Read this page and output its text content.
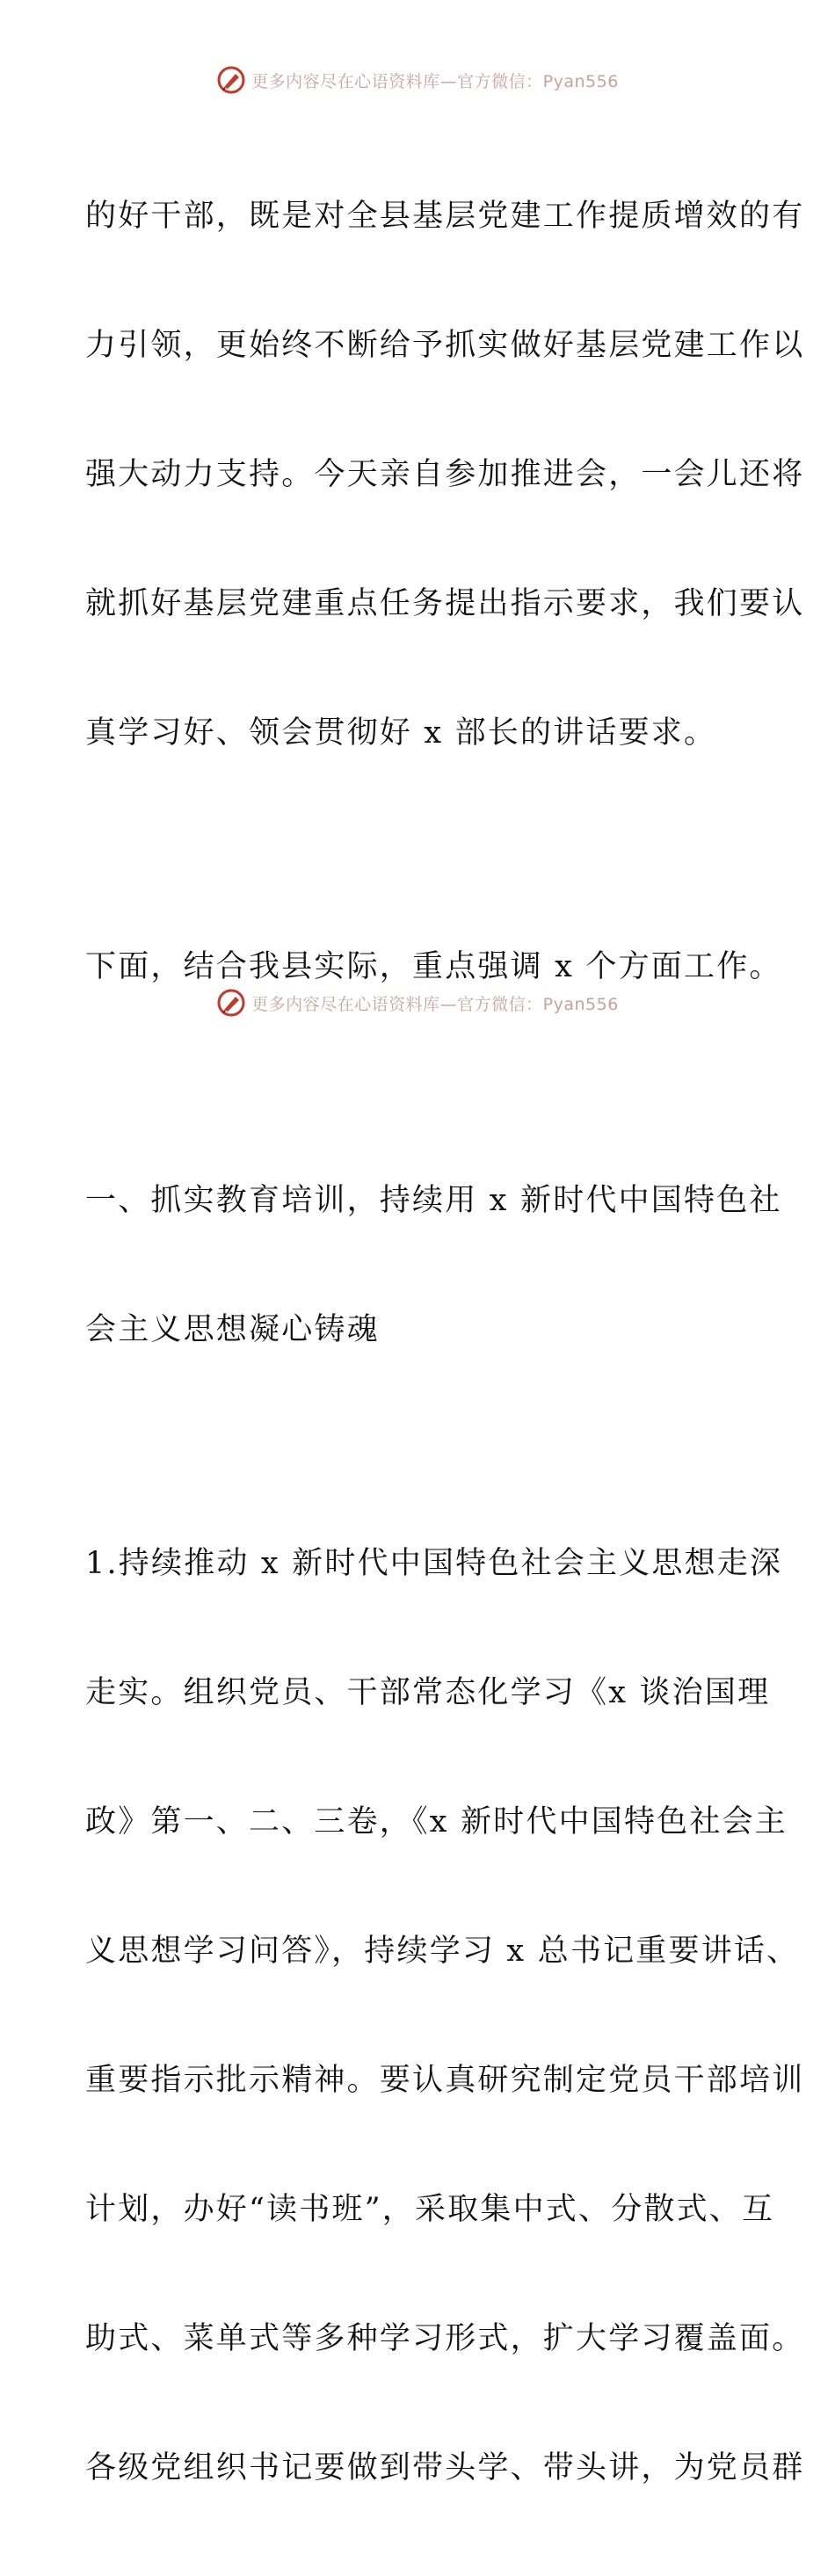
更多内容尽在心语资料库—官方微信：Pyan556

的好干部，既是对全县基层党建工作提质增效的有

力引领，更始终不断给予抓实做好基层党建工作以

强大动力支持。今天亲自参加推进会，一会儿还将

就抓好基层党建重点任务提出指示要求，我们要认

真学习好、领会贯彻好 x 部长的讲话要求。

下面，结合我县实际，重点强调 x 个方面工作。

一、抓实教育培训，持续用 x 新时代中国特色社

会主义思想凝心铸魂

1.持续推动 x 新时代中国特色社会主义思想走深

走实。组织党员、干部常态化学习《x 谈治国理

政》第一、二、三卷，《x 新时代中国特色社会主

义思想学习问答》，持续学习 x 总书记重要讲话、

重要指示批示精神。要认真研究制定党员干部培训

计划，办好“读书班”，采取集中式、分散式、互

助式、菜单式等多种学习形式，扩大学习覆盖面。

各级党组织书记要做到带头学、带头讲，为党员群

更多内容尽在心语资料库—官方微信：Pyan556
